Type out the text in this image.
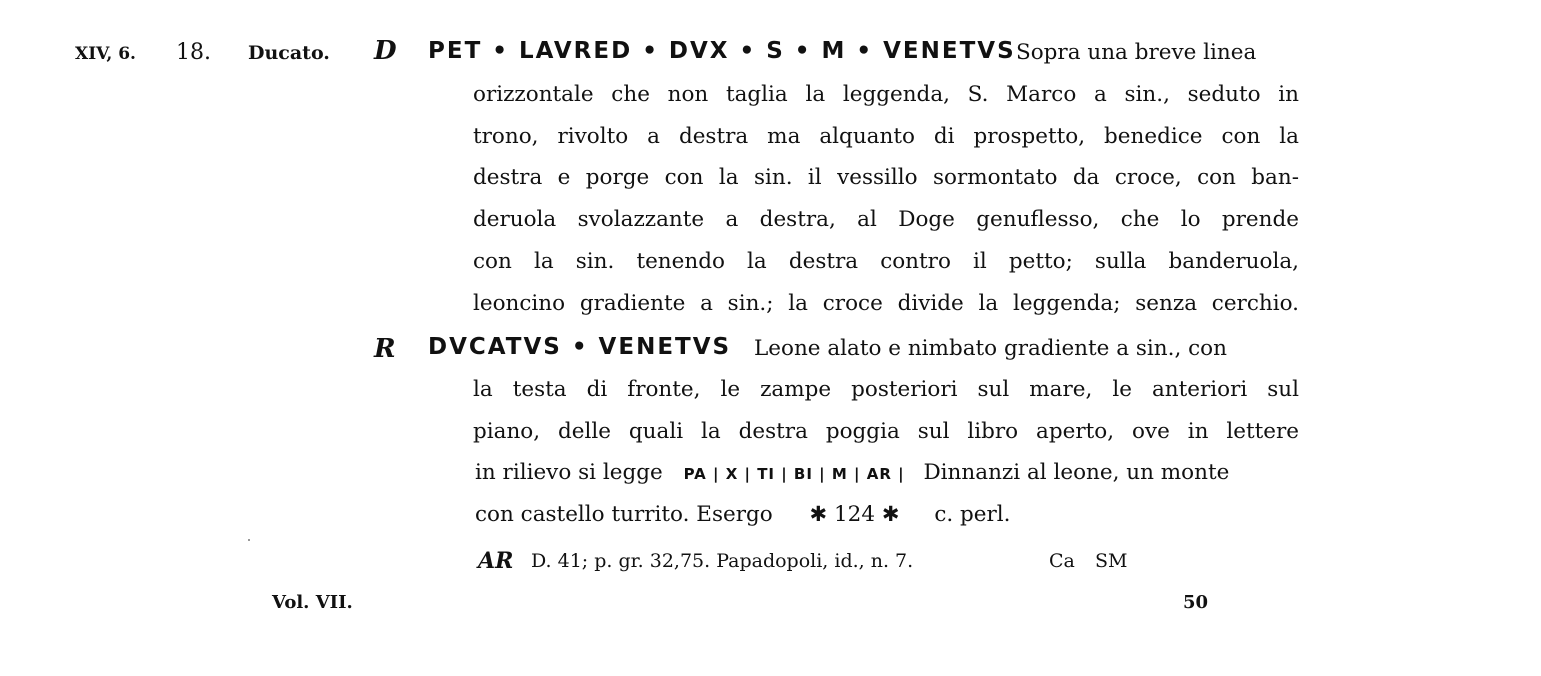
XIV, 6. 18. Ducato. D PET • LAVRED • DVX • S • M • VENETVS Sopra una breve linea
orizzontale che non taglia la leggenda, S. Marco a sin., seduto in
trono, rivolto a destra ma alquanto di prospetto, benedice con la
destra e porge con la sin. il vessillo sormontato da croce, con ban-
deruola svolazzante a destra, al Doge genuflesso, che lo prende
con la sin. tenendo la destra contro il petto; sulla banderuola,
leoncino gradiente a sin.; la croce divide la leggenda; senza cerchio.
R DVCATVS • VENETVS Leone alato e nimbato gradiente a sin., con
la testa di fronte, le zampe posteriori sul mare, le anteriori sul
piano, delle quali la destra poggia sul libro aperto, ove in lettere
in rilievo si legge PA | X | TI | BI | M | AR | Dinnanzi al leone, un monte
con castello turrito. Esergo ✱ 124 ✱ c. perl.
AR D. 41; p. gr. 32,75. Papadopoli, id., n. 7.	Ca SM
Vol. VII.	50
